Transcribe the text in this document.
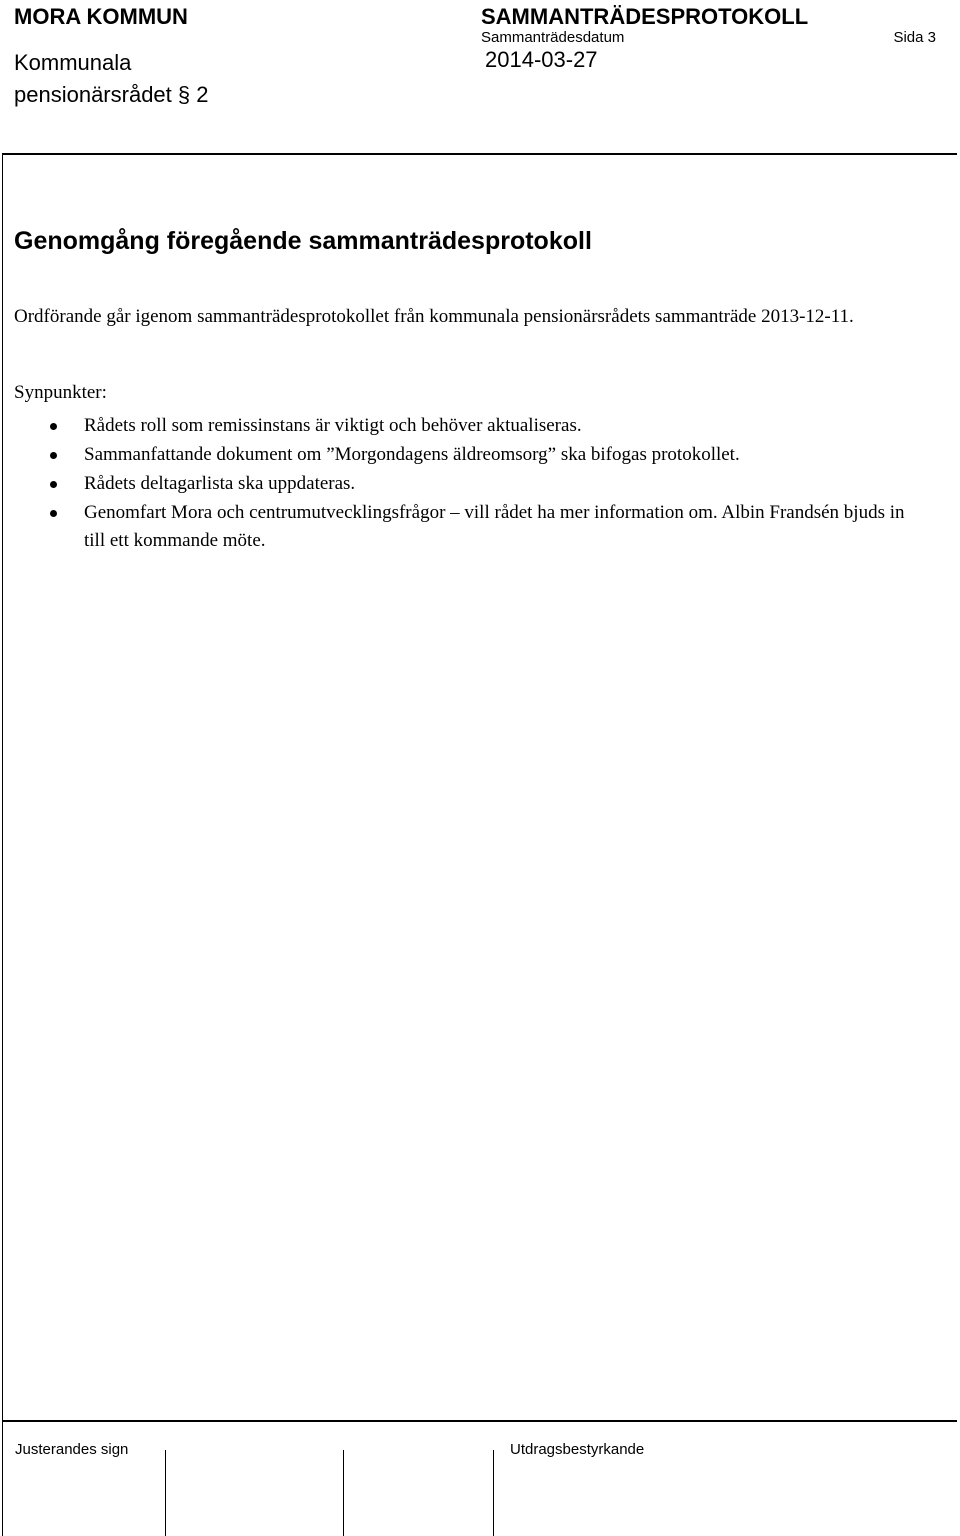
MORA KOMMUN
Kommunala
pensionärsrådet § 2
SAMMANTRÄDESPROTOKOLL
Sammanträdesdatum
2014-03-27
Sida 3
Genomgång föregående sammanträdesprotokoll
Ordförande går igenom sammanträdesprotokollet från kommunala pensionärsrådets sammanträde 2013-12-11.
Synpunkter:
Rådets roll som remissinstans är viktigt och behöver aktualiseras.
Sammanfattande dokument om ”Morgondagens äldreomsorg” ska bifogas protokollet.
Rådets deltagarlista ska uppdateras.
Genomfart Mora och centrumutvecklingsfrågor – vill rådet ha mer information om. Albin Frandsén bjuds in till ett kommande möte.
Justerandes sign	Utdragsbestyrkande
